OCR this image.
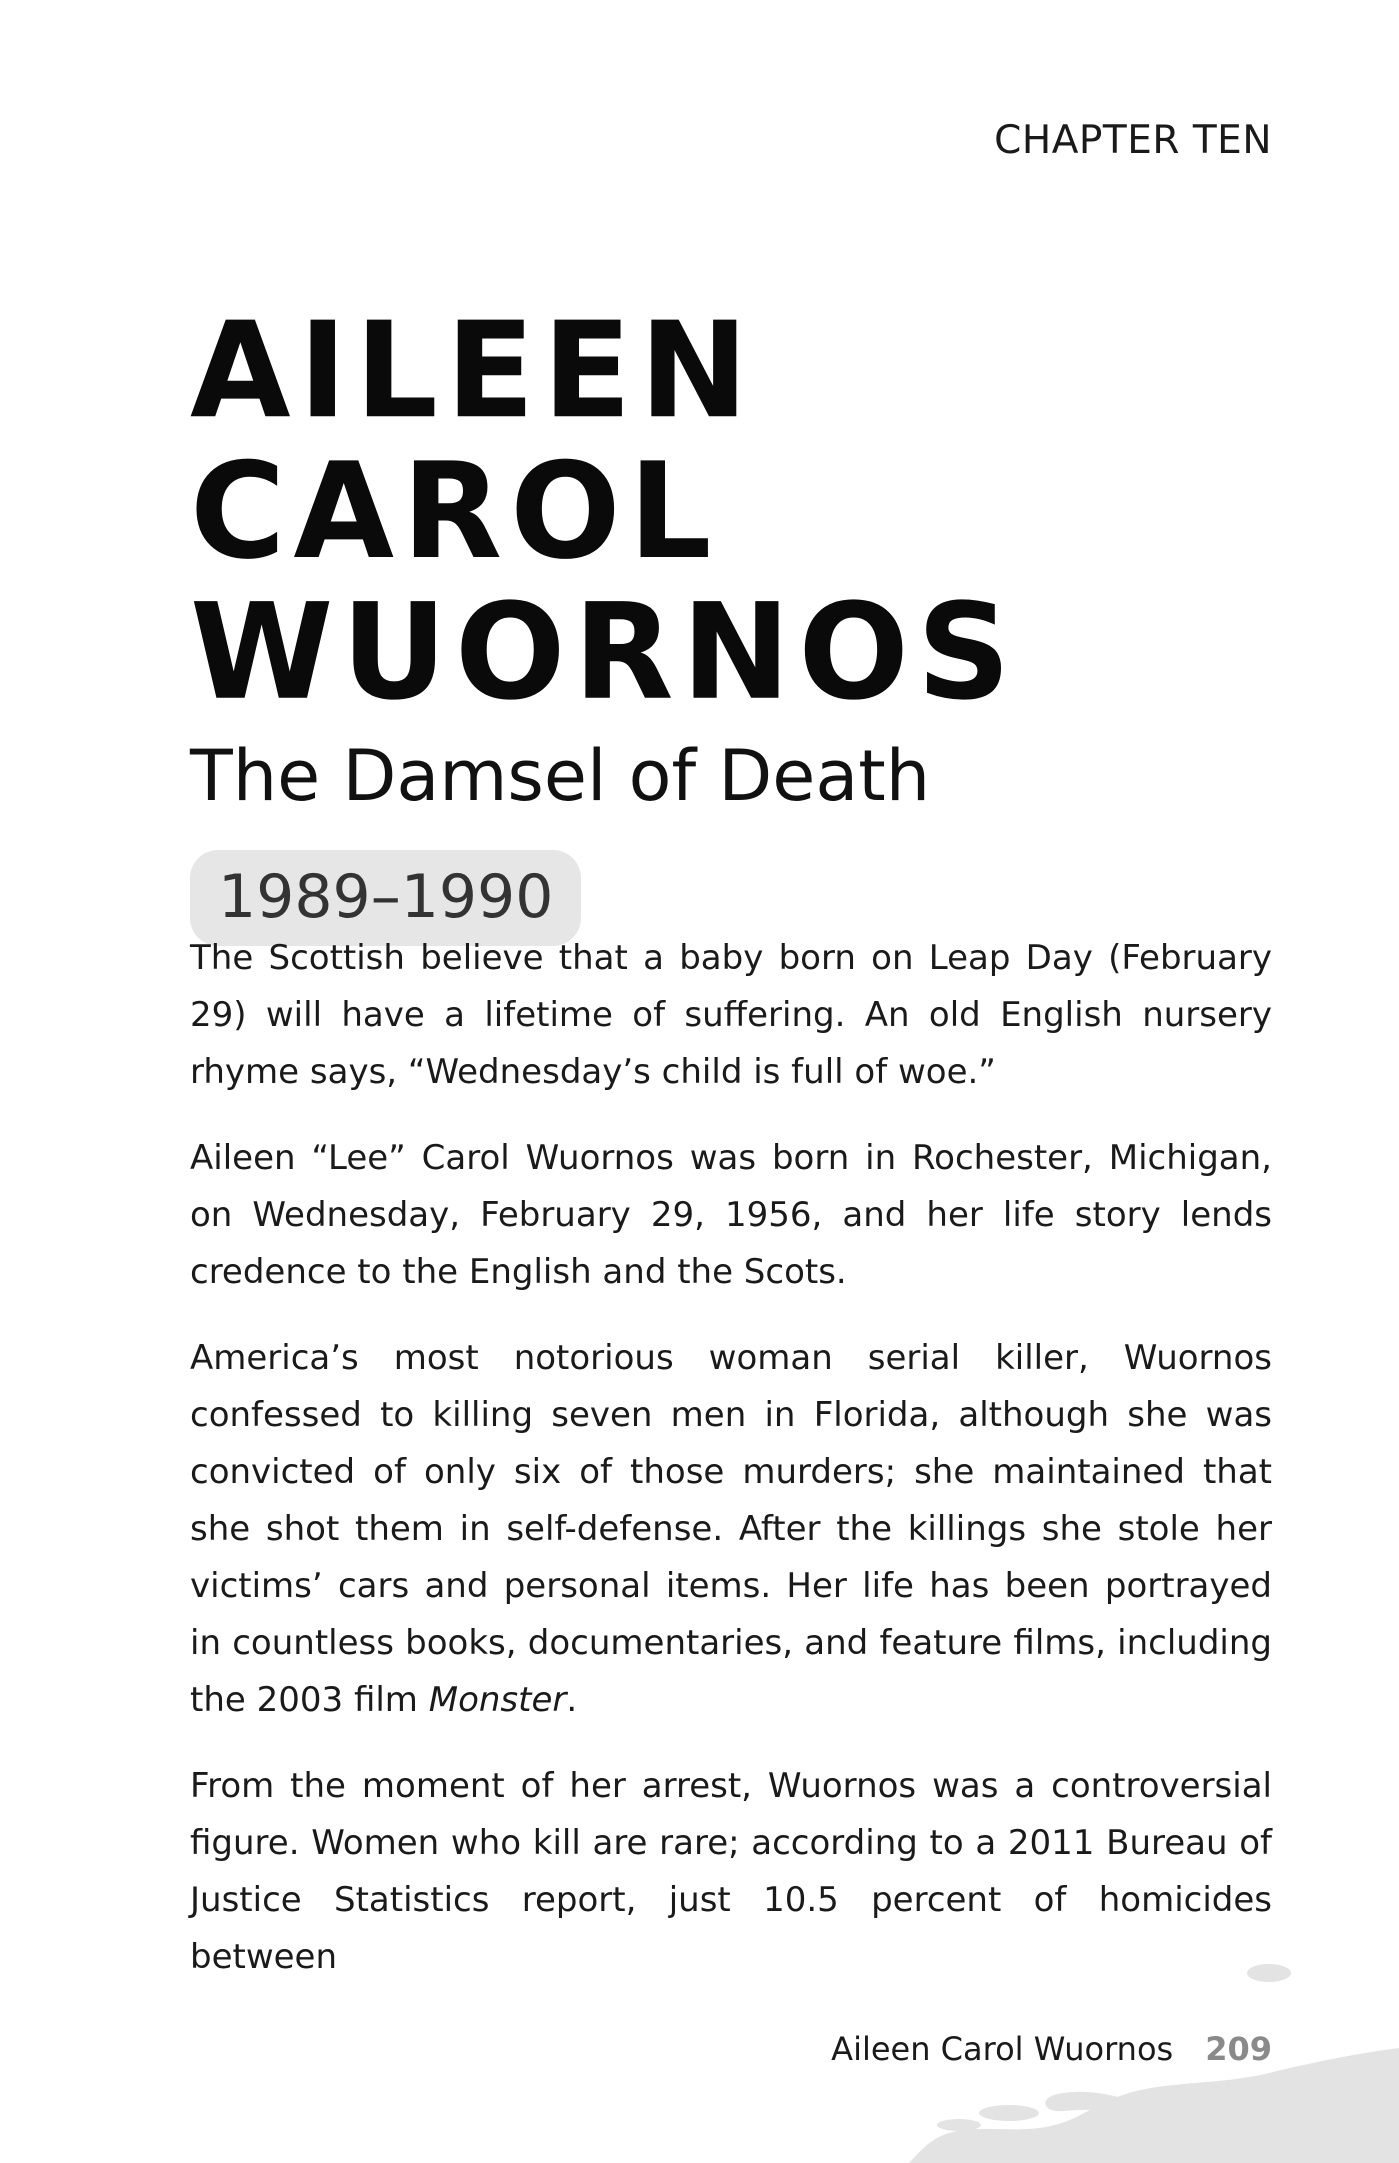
CHAPTER TEN
AILEEN CAROL WUORNOS
The Damsel of Death
1989–1990

The Scottish believe that a baby born on Leap Day (February 29) will have a lifetime of suffering. An old English nursery rhyme says, “Wednesday’s child is full of woe.”

Aileen “Lee” Carol Wuornos was born in Rochester, Michigan, on Wednesday, February 29, 1956, and her life story lends credence to the English and the Scots.

America’s most notorious woman serial killer, Wuornos confessed to killing seven men in Florida, although she was convicted of only six of those murders; she maintained that she shot them in self-defense. After the killings she stole her victims’ cars and personal items. Her life has been portrayed in countless books, documentaries, and feature films, including the 2003 film Monster.

From the moment of her arrest, Wuornos was a controversial figure. Women who kill are rare; according to a 2011 Bureau of Justice Statistics report, just 10.5 percent of homicides between

Aileen Carol Wuornos 209
